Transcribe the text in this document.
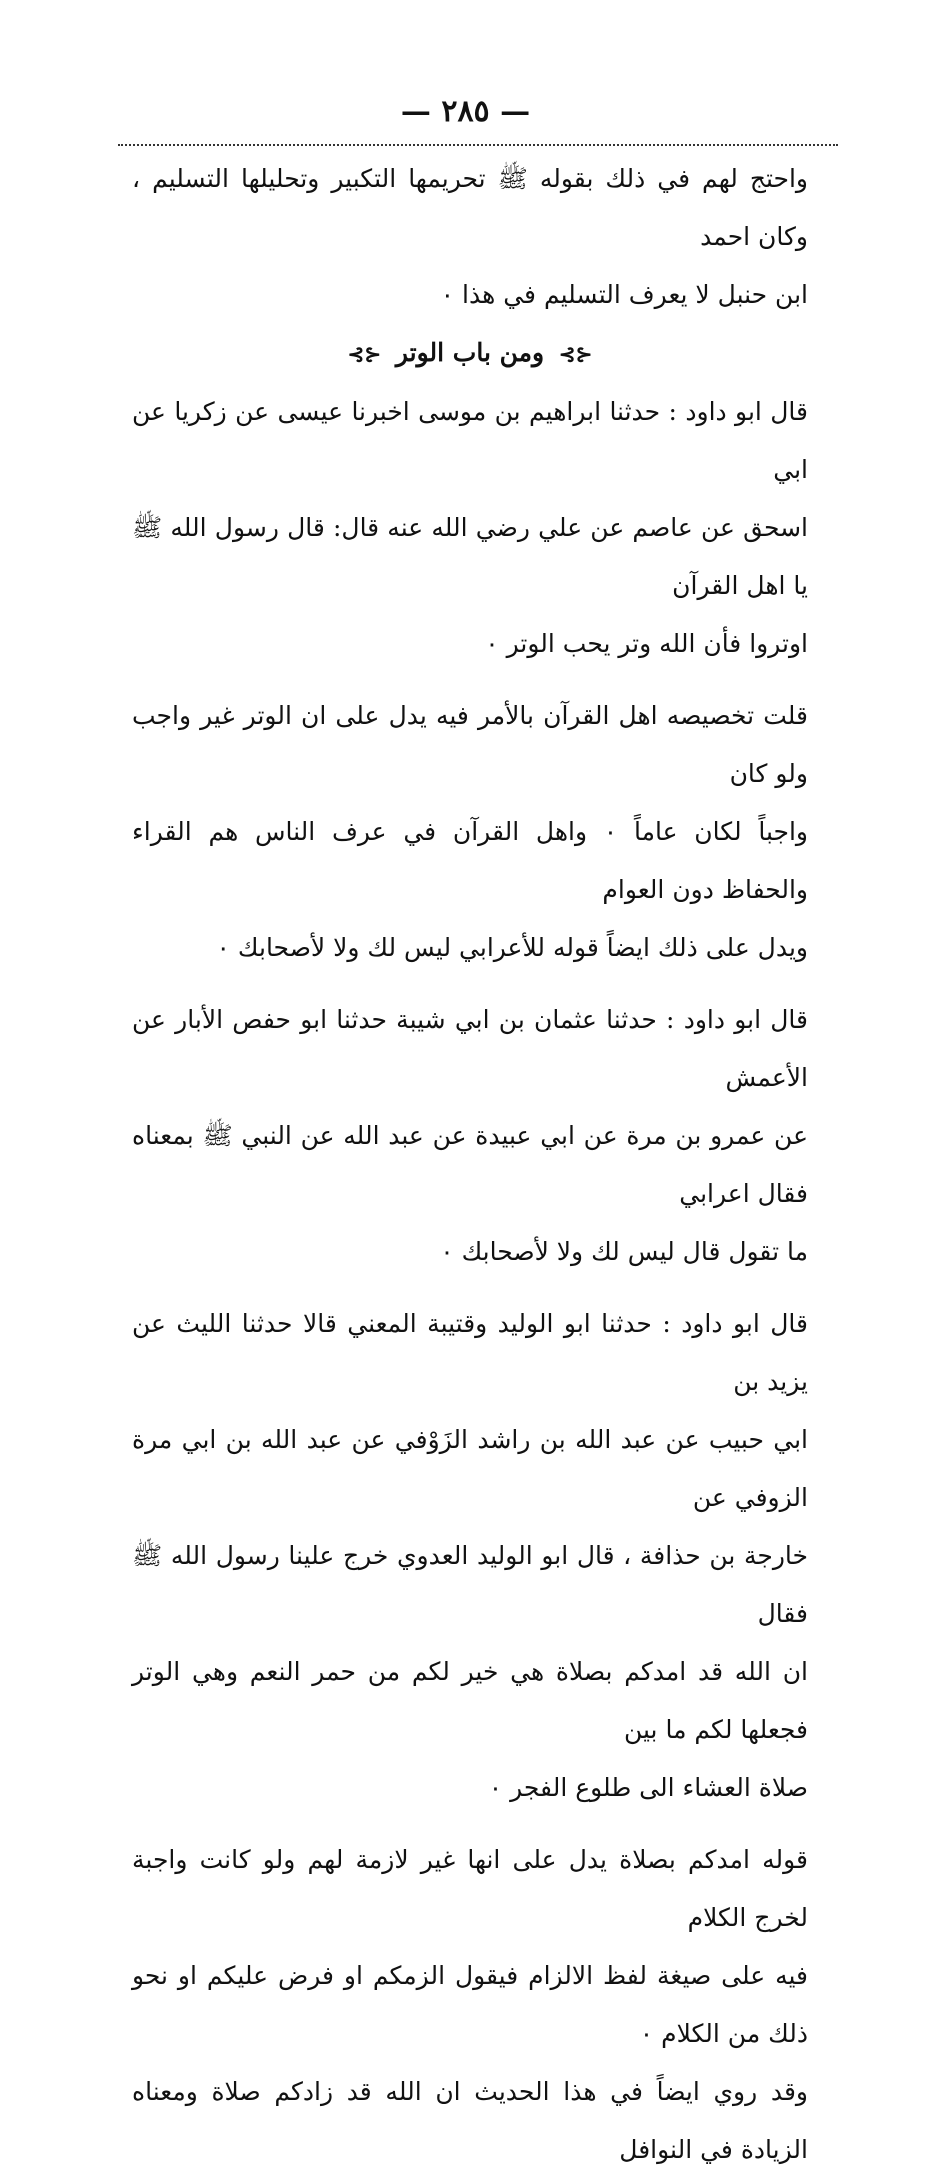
— ٢٨٥ —

واحتج لهم في ذلك بقوله ﷺ تحريمها التكبير وتحليلها التسليم ، وكان احمد
ابن حنبل لا يعرف التسليم في هذا ٠

⊰⊱ ومن باب الوتر ⊰⊱

قال ابو داود : حدثنا ابراهيم بن موسى اخبرنا عيسى عن زكريا عن ابي
اسحق عن عاصم عن علي رضي الله عنه قال: قال رسول الله ﷺ يا اهل القرآن
اوتروا فأن الله وتر يحب الوتر ٠

قلت تخصيصه اهل القرآن بالأمر فيه يدل على ان الوتر غير واجب ولو كان
واجباً لكان عاماً ٠ واهل القرآن في عرف الناس هم القراء والحفاظ دون العوام
ويدل على ذلك ايضاً قوله للأعرابي ليس لك ولا لأصحابك ٠

قال ابو داود : حدثنا عثمان بن ابي شيبة حدثنا ابو حفص الأبار عن الأعمش
عن عمرو بن مرة عن ابي عبيدة عن عبد الله عن النبي ﷺ بمعناه فقال اعرابي
ما تقول قال ليس لك ولا لأصحابك ٠

قال ابو داود : حدثنا ابو الوليد وقتيبة المعني قالا حدثنا الليث عن يزيد بن
ابي حبيب عن عبد الله بن راشد الزَوْفي عن عبد الله بن ابي مرة الزوفي عن
خارجة بن حذافة ، قال ابو الوليد العدوي خرج علينا رسول الله ﷺ فقال
ان الله قد امدكم بصلاة هي خير لكم من حمر النعم وهي الوتر فجعلها لكم ما بين
صلاة العشاء الى طلوع الفجر ٠

قوله امدكم بصلاة يدل على انها غير لازمة لهم ولو كانت واجبة لخرج الكلام
فيه على صيغة لفظ الالزام فيقول الزمكم او فرض عليكم او نحو ذلك من الكلام ٠
وقد روي ايضاً في هذا الحديث ان الله قد زادكم صلاة ومعناه الزيادة في النوافل
